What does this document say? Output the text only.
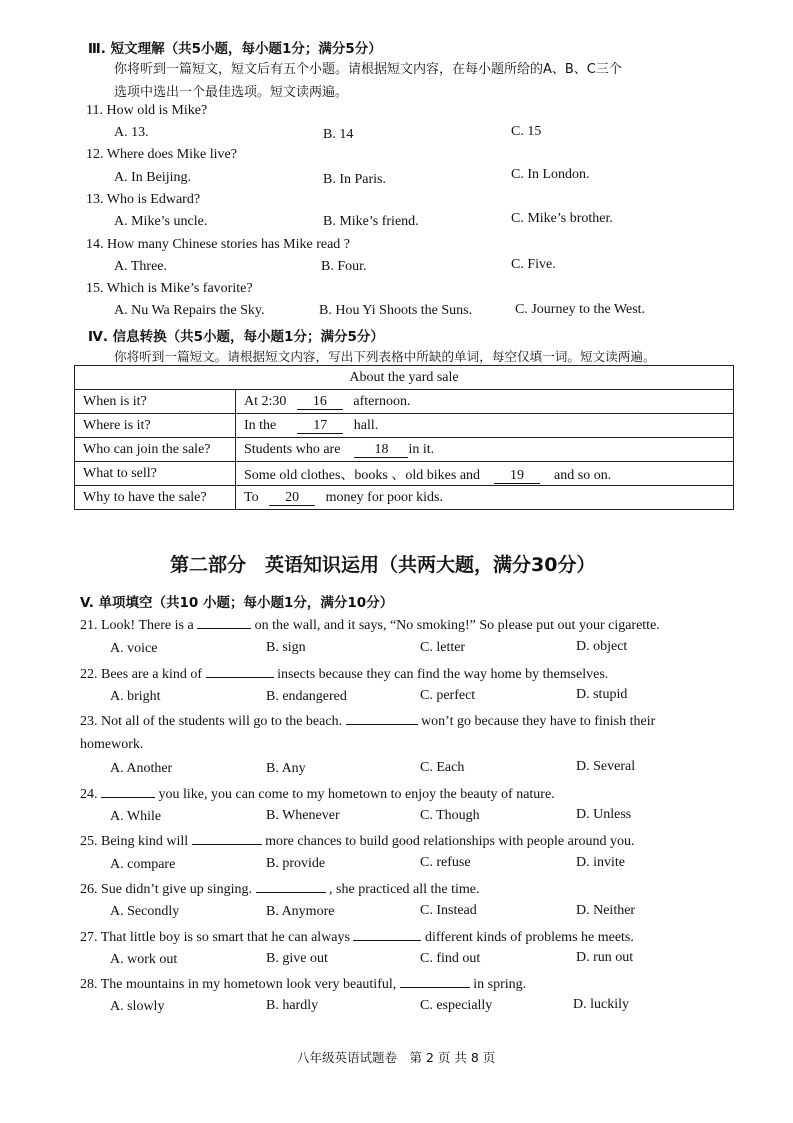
Ⅲ. 短文理解（共5小题，每小题1分；满分5分）
你将听到一篇短文，短文后有五个小题。请根据短文内容，在每小题所给的A、B、C三个
选项中选出一个最佳选项。短文读两遍。
11. How old is Mike?
A. 13.	B. 14	C. 15
12. Where does Mike live?
A. In Beijing.	B. In Paris.	C. In London.
13. Who is Edward?
A. Mike’s uncle.	B. Mike’s friend.	C. Mike’s brother.
14. How many Chinese stories has Mike read ?
A. Three.	B. Four.	C. Five.
15. Which is Mike’s favorite?
A. Nu Wa Repairs the Sky.	B. Hou Yi Shoots the Suns.	C. Journey to the West.
Ⅳ. 信息转换（共5小题，每小题1分；满分5分）
你将听到一篇短文。请根据短文内容，写出下列表格中所缺的单词，每空仅填一词。短文读两遍。
About the yard sale	
When is it?	At 2:30 16 afternoon.
Where is it?	In the 17 hall.
Who can join the sale?	Students who are 18 in it.
What to sell?	Some old clothes、books 、old bikes and 19 and so on.
Why to have the sale?	To 20 money for poor kids.
第二部分　英语知识运用（共两大题，满分30分）
V. 单项填空（共10 小题；每小题1分，满分10分）
21. Look! There is a	on the wall, and it says, “No smoking!” So please put out your cigarette.
A. voice	B. sign	C. letter	D. object
22. Bees are a kind of	insects because they can find the way home by themselves.
A. bright	B. endangered	C. perfect	D. stupid
23. Not all of the students will go to the beach.	won’t go because they have to finish their
homework.
A. Another	B. Any	C. Each	D. Several
24.	you like, you can come to my hometown to enjoy the beauty of nature.
A. While	B. Whenever	C. Though	D. Unless
25. Being kind will	more chances to build good relationships with people around you.
A. compare	B. provide	C. refuse	D. invite
26. Sue didn’t give up singing.	, she practiced all the time.
A. Secondly	B. Anymore	C. Instead	D. Neither
27. That little boy is so smart that he can always	different kinds of problems he meets.
A. work out	B. give out	C. find out	D. run out
28. The mountains in my hometown look very beautiful,	in spring.
A. slowly	B. hardly	C. especially	D. luckily
八年级英语试题卷　第 2 页 共 8 页
